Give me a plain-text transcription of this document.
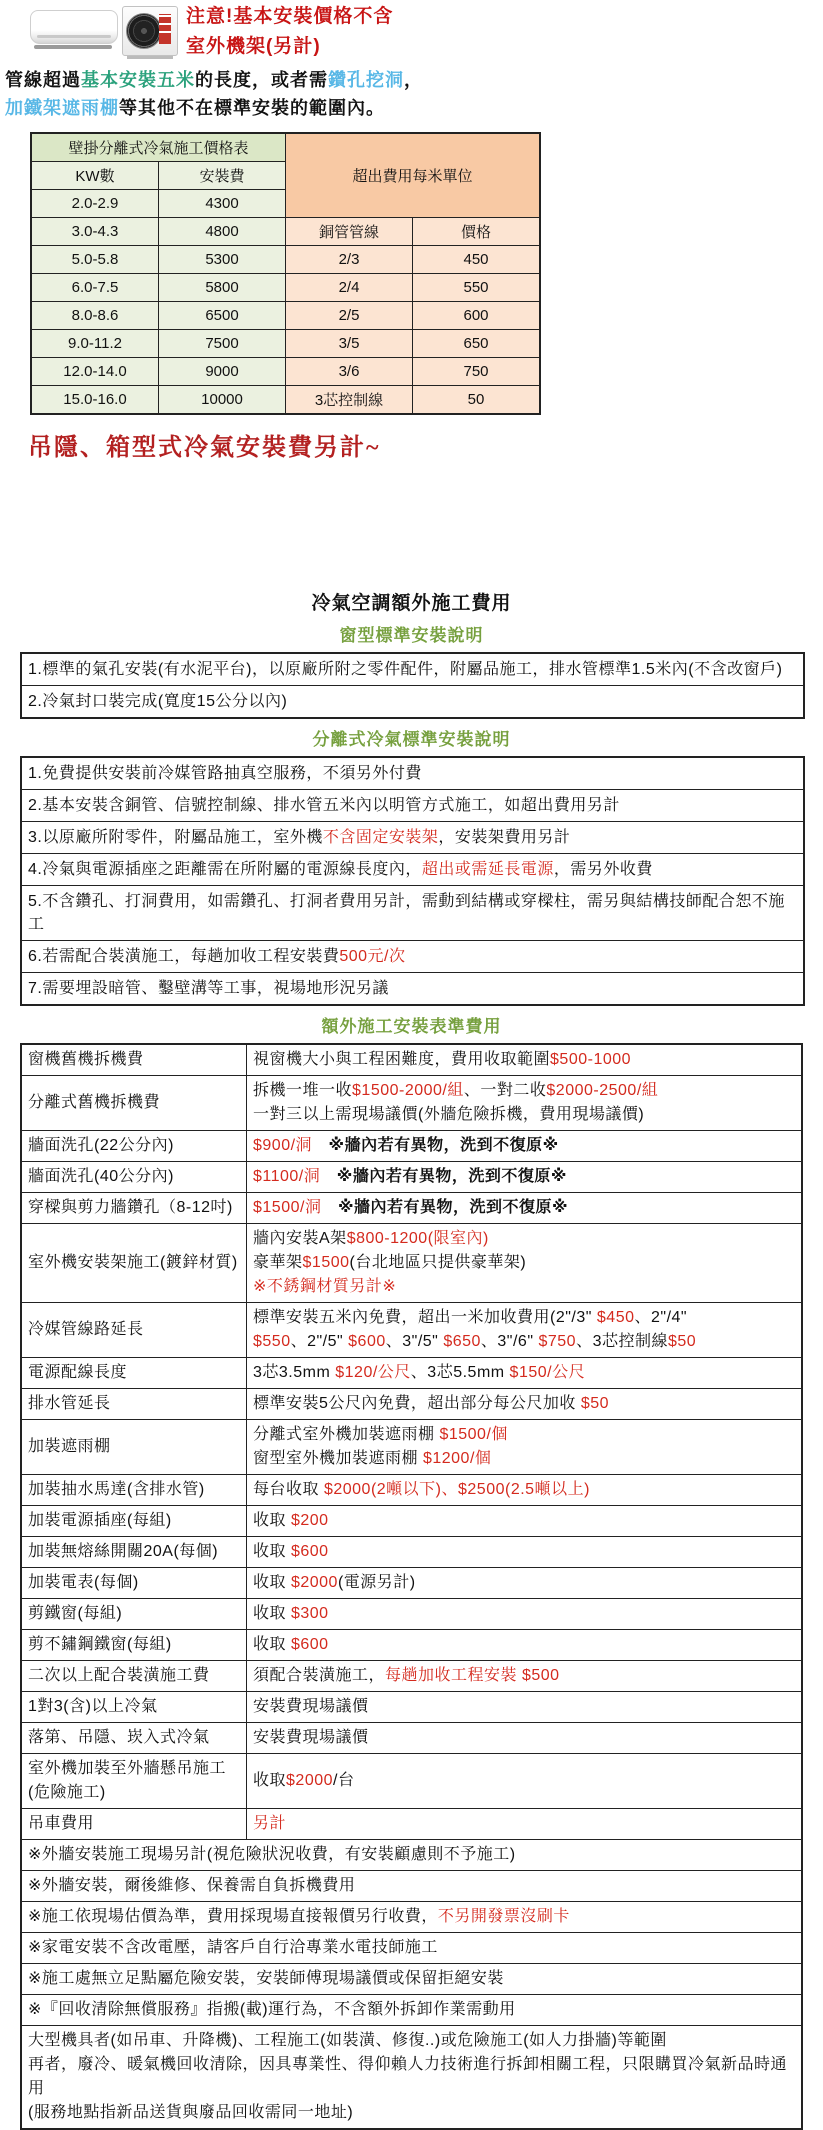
注意!基本安裝價格不含
室外機架(另計)
管線超過基本安裝五米的長度，或者需鑽孔挖洞，
加鐵架遮雨棚等其他不在標準安裝的範圍內。
壁掛分離式冷氣施工價格表		超出費用每米單位	
KW數	安裝費		
2.0-2.9	4300		
3.0-4.3	4800	銅管管線	價格
5.0-5.8	5300	2/3	450
6.0-7.5	5800	2/4	550
8.0-8.6	6500	2/5	600
9.0-11.2	7500	3/5	650
12.0-14.0	9000	3/6	750
15.0-16.0	10000	3芯控制線	50
吊隱、箱型式冷氣安裝費另計~
冷氣空調額外施工費用
窗型標準安裝說明
1.標準的氣孔安裝(有水泥平台)，以原廠所附之零件配件，附屬品施工，排水管標準1.5米內(不含改窗戶)
2.冷氣封口裝完成(寬度15公分以內)
分離式冷氣標準安裝說明
1.免費提供安裝前冷媒管路抽真空服務，不須另外付費
2.基本安裝含銅管、信號控制線、排水管五米內以明管方式施工，如超出費用另計
3.以原廠所附零件，附屬品施工，室外機不含固定安裝架，安裝架費用另計
4.冷氣與電源插座之距離需在所附屬的電源線長度內，超出或需延長電源，需另外收費
5.不含鑽孔、打洞費用，如需鑽孔、打洞者費用另計，需動到結構或穿樑柱，需另與結構技師配合恕不施工
6.若需配合裝潢施工，每趟加收工程安裝費500元/次
7.需要埋設暗管、鑿壁溝等工事，視場地形況另議
額外施工安裝表準費用
窗機舊機拆機費	視窗機大小與工程困難度，費用收取範圍$500-1000

分離式舊機拆機費	拆機一堆一收$1500-2000/組、一對二收$2000-2500/組
一對三以上需現場議價(外牆危險拆機，費用現場議價)

牆面洗孔(22公分內)	$900/洞　※牆內若有異物，洗到不復原※

牆面洗孔(40公分內)	$1100/洞　※牆內若有異物，洗到不復原※

穿樑與剪力牆鑽孔（8-12吋)	$1500/洞　※牆內若有異物，洗到不復原※

室外機安裝架施工(鍍鋅材質)	牆內安裝A架$800-1200(限室內)
豪華架$1500(台北地區只提供豪華架)
※不銹鋼材質另計※

冷媒管線路延長	標準安裝五米內免費，超出一米加收費用(2"/3" $450、2"/4"
$550、2"/5" $600、3"/5" $650、3"/6" $750、3芯控制線$50

電源配線長度	3芯3.5mm $120/公尺、3芯5.5mm $150/公尺

排水管延長	標準安裝5公尺內免費，超出部分每公尺加收 $50

加裝遮雨棚	分離式室外機加裝遮雨棚 $1500/個
窗型室外機加裝遮雨棚 $1200/個

加裝抽水馬達(含排水管)	每台收取 $2000(2噸以下)、$2500(2.5噸以上)

加裝電源插座(每組)	收取 $200

加裝無熔絲開關20A(每個)	收取 $600

加裝電表(每個)	收取 $2000(電源另計)

剪鐵窗(每組)	收取 $300

剪不鏽鋼鐵窗(每組)	收取 $600

二次以上配合裝潢施工費	須配合裝潢施工，每趟加收工程安裝 $500

1對3(含)以上冷氣	安裝費現場議價

落第、吊隱、崁入式冷氣	安裝費現場議價

室外機加裝至外牆懸吊施工(危險施工)	收取$2000/台

吊車費用	另計

※外牆安裝施工現場另計(視危險狀況收費，有安裝顧慮則不予施工)	
※外牆安裝，爾後維修、保養需自負拆機費用	
※施工依現場估價為準，費用採現場直接報價另行收費，不另開發票沒刷卡	
※家電安裝不含改電壓，請客戶自行洽專業水電技師施工	
※施工處無立足點屬危險安裝，安裝師傅現場議價或保留拒絕安裝	
※『回收清除無償服務』指搬(載)運行為，不含額外拆卸作業需動用	

大型機具者(如吊車、升降機)、工程施工(如裝潢、修復..)或危險施工(如人力掛牆)等範圍
再者，廢冷、暖氣機回收清除，因具專業性、得仰賴人力技術進行拆卸相關工程，只限購買冷氣新品時通用
(服務地點指新品送貨與廢品回收需同一地址)	
